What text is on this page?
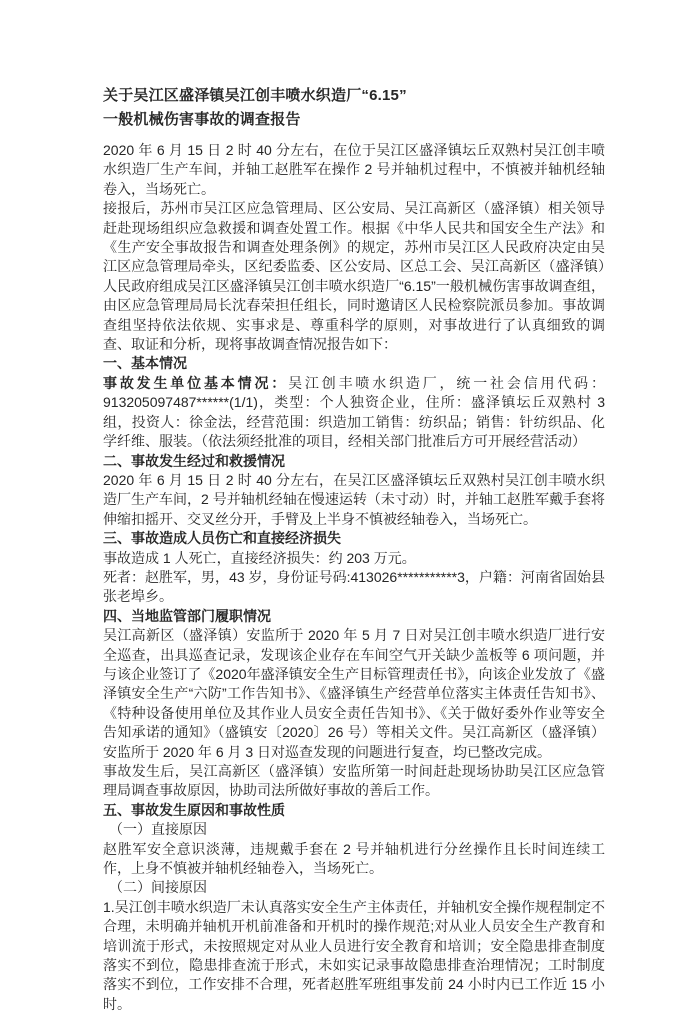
关于吴江区盛泽镇吴江创丰喷水织造厂“6.15”
一般机械伤害事故的调查报告

2020 年 6 月 15 日 2 时 40 分左右，在位于吴江区盛泽镇坛丘双熟村吴江创丰喷水织造厂生产车间，并轴工赵胜军在操作 2 号并轴机过程中，不慎被并轴机经轴卷入，当场死亡。

接报后，苏州市吴江区应急管理局、区公安局、吴江高新区（盛泽镇）相关领导赶赴现场组织应急救援和调查处置工作。根据《中华人民共和国安全生产法》和《生产安全事故报告和调查处理条例》的规定，苏州市吴江区人民政府决定由吴江区应急管理局牵头，区纪委监委、区公安局、区总工会、吴江高新区（盛泽镇）人民政府组成吴江区盛泽镇吴江创丰喷水织造厂“6.15”一般机械伤害事故调查组，由区应急管理局局长沈春荣担任组长，同时邀请区人民检察院派员参加。事故调查组坚持依法依规、实事求是、尊重科学的原则，对事故进行了认真细致的调查、取证和分析，现将事故调查情况报告如下：

一、基本情况

事故发生单位基本情况：吴江创丰喷水织造厂，统一社会信用代码：913205097487******(1/1)，类型：个人独资企业，住所：盛泽镇坛丘双熟村 3 组，投资人：徐金法，经营范围：织造加工销售：纺织品；销售：针纺织品、化学纤维、服装。（依法须经批准的项目，经相关部门批准后方可开展经营活动）

二、事故发生经过和救援情况

2020 年 6 月 15 日 2 时 40 分左右，在吴江区盛泽镇坛丘双熟村吴江创丰喷水织造厂生产车间，2 号并轴机经轴在慢速运转（未寸动）时，并轴工赵胜军戴手套将伸缩扣摇开、交叉丝分开，手臂及上半身不慎被经轴卷入，当场死亡。

三、事故造成人员伤亡和直接经济损失

事故造成 1 人死亡，直接经济损失：约 203 万元。

死者：赵胜军，男，43 岁，身份证号码:413026***********3，户籍：河南省固始县张老埠乡。

四、当地监管部门履职情况

吴江高新区（盛泽镇）安监所于 2020 年 5 月 7 日对吴江创丰喷水织造厂进行安全巡查，出具巡查记录，发现该企业存在车间空气开关缺少盖板等 6 项问题，并与该企业签订了《2020年盛泽镇安全生产目标管理责任书》，向该企业发放了《盛泽镇安全生产“六防”工作告知书》、《盛泽镇生产经营单位落实主体责任告知书》、《特种设备使用单位及其作业人员安全责任告知书》、《关于做好委外作业等安全告知承诺的通知》（盛镇安〔2020〕26 号）等相关文件。吴江高新区（盛泽镇）安监所于 2020 年 6 月 3 日对巡查发现的问题进行复查，均已整改完成。

事故发生后，吴江高新区（盛泽镇）安监所第一时间赶赴现场协助吴江区应急管理局调查事故原因，协助司法所做好事故的善后工作。

五、事故发生原因和事故性质
（一）直接原因

赵胜军安全意识淡薄，违规戴手套在 2 号并轴机进行分丝操作且长时间连续工作，上身不慎被并轴机经轴卷入，当场死亡。

（二）间接原因

1.吴江创丰喷水织造厂未认真落实安全生产主体责任，并轴机安全操作规程制定不合理，未明确并轴机开机前准备和开机时的操作规范;对从业人员安全生产教育和培训流于形式，未按照规定对从业人员进行安全教育和培训；安全隐患排查制度落实不到位，隐患排查流于形式，未如实记录事故隐患排查治理情况；工时制度落实不到位，工作安排不合理，死者赵胜军班组事发前 24 小时内已工作近 15 小时。
